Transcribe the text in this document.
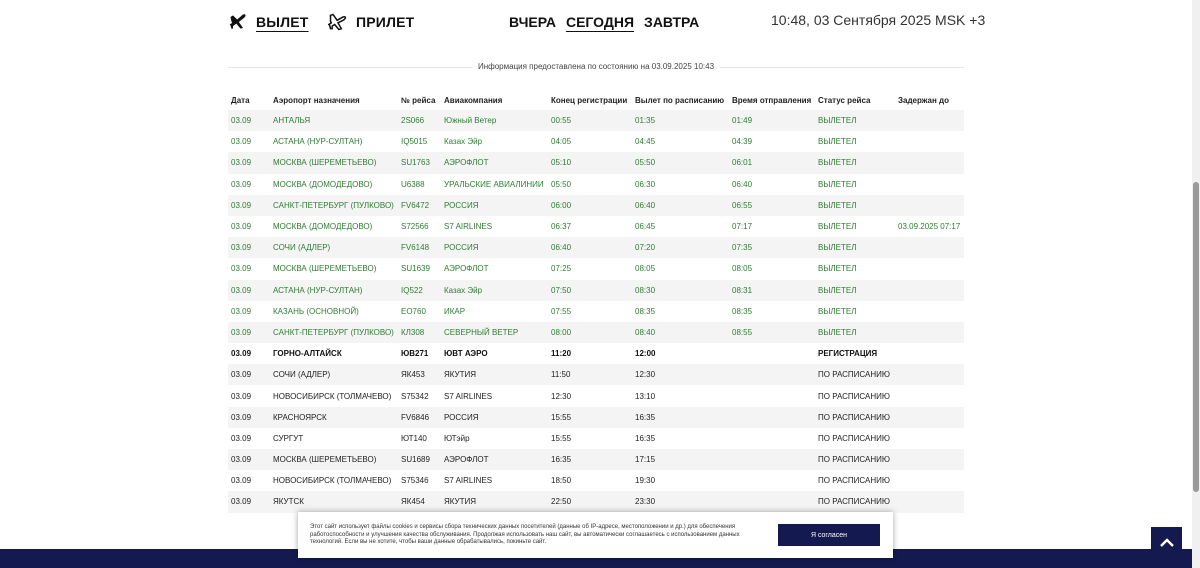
ВЫЛЕТ	ПРИЛЕТ	ВЧЕРА СЕГОДНЯ ЗАВТРА	10:48, 03 Сентября 2025 MSK +3
Информация предоставлена по состоянию на 03.09.2025 10:43
Дата	Аэропорт назначения	№ рейса	Авиакомпания	Конец регистрации	Вылет по расписанию	Время отправления	Статус рейса	Задержан до
03.09	АНТАЛЬЯ	2S066	Южный Ветер	00:55	01:35	01:49	ВЫЛЕТЕЛ	
03.09	АСТАНА (НУР-СУЛТАН)	IQ5015	Казах Эйр	04:05	04:45	04:39	ВЫЛЕТЕЛ	
03.09	МОСКВА (ШЕРЕМЕТЬЕВО)	SU1763	АЭРОФЛОТ	05:10	05:50	06:01	ВЫЛЕТЕЛ	
03.09	МОСКВА (ДОМОДЕДОВО)	U6388	УРАЛЬСКИЕ АВИАЛИНИИ	05:50	06:30	06:40	ВЫЛЕТЕЛ	
03.09	САНКТ-ПЕТЕРБУРГ (ПУЛКОВО)	FV6472	РОССИЯ	06:00	06:40	06:55	ВЫЛЕТЕЛ	
03.09	МОСКВА (ДОМОДЕДОВО)	S72566	S7 AIRLINES	06:37	06:45	07:17	ВЫЛЕТЕЛ	03.09.2025 07:17
03.09	СОЧИ (АДЛЕР)	FV6148	РОССИЯ	06:40	07:20	07:35	ВЫЛЕТЕЛ	
03.09	МОСКВА (ШЕРЕМЕТЬЕВО)	SU1639	АЭРОФЛОТ	07:25	08:05	08:05	ВЫЛЕТЕЛ	
03.09	АСТАНА (НУР-СУЛТАН)	IQ522	Казах Эйр	07:50	08:30	08:31	ВЫЛЕТЕЛ	
03.09	КАЗАНЬ (ОСНОВНОЙ)	EO760	ИКАР	07:55	08:35	08:35	ВЫЛЕТЕЛ	
03.09	САНКТ-ПЕТЕРБУРГ (ПУЛКОВО)	КЛ308	СЕВЕРНЫЙ ВЕТЕР	08:00	08:40	08:55	ВЫЛЕТЕЛ	
03.09	ГОРНО-АЛТАЙСК	ЮВ271	ЮВТ АЭРО	11:20	12:00		РЕГИСТРАЦИЯ	
03.09	СОЧИ (АДЛЕР)	ЯК453	ЯКУТИЯ	11:50	12:30		ПО РАСПИСАНИЮ	
03.09	НОВОСИБИРСК (ТОЛМАЧЕВО)	S75342	S7 AIRLINES	12:30	13:10		ПО РАСПИСАНИЮ	
03.09	КРАСНОЯРСК	FV6846	РОССИЯ	15:55	16:35		ПО РАСПИСАНИЮ	
03.09	СУРГУТ	ЮТ140	ЮТэйр	15:55	16:35		ПО РАСПИСАНИЮ	
03.09	МОСКВА (ШЕРЕМЕТЬЕВО)	SU1689	АЭРОФЛОТ	16:35	17:15		ПО РАСПИСАНИЮ	
03.09	НОВОСИБИРСК (ТОЛМАЧЕВО)	S75346	S7 AIRLINES	18:50	19:30		ПО РАСПИСАНИЮ	
03.09	ЯКУТСК	ЯК454	ЯКУТИЯ	22:50	23:30		ПО РАСПИСАНИЮ	
Этот сайт использует файлы cookies и сервисы сбора технических данных посетителей (данные об IP-адресе, местоположении и др.) для обеспечения работоспособности и улучшения качества обслуживания. Продолжая использовать наш сайт, вы автоматически соглашаетесь с использованием данных технологий. Если вы не хотите, чтобы ваши данные обрабатывались, покиньте сайт.
Я согласен
